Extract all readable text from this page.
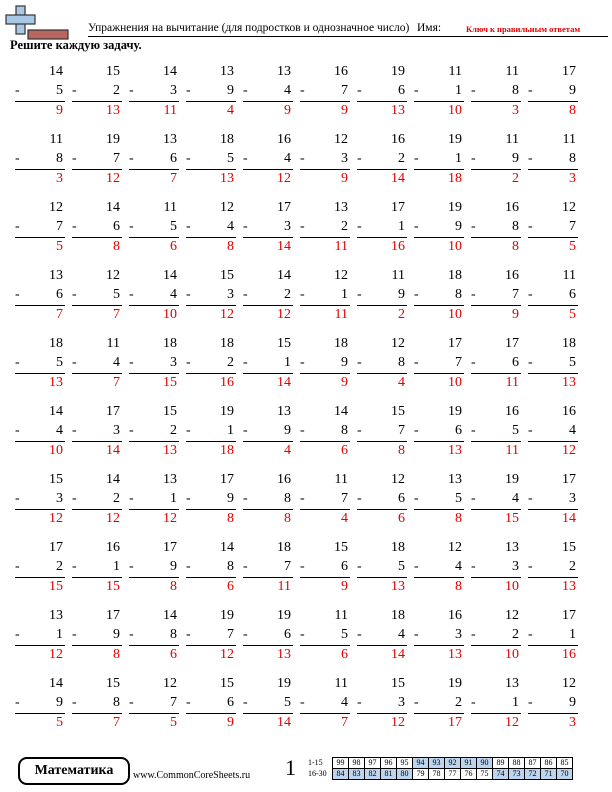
Упражнения на вычитание (для подростков и однозначное число) Имя:	Ключ к правильным ответам
Решите каждую задачу.
14
-	5
9
15
-	2
13
14
-	3
11
13
-	9
4
13
-	4
9
16
-	7
9
19
-	6
13
11
-	1
10
11
-	8
3
17
-	9
8
11
-	8
3
19
-	7
12
13
-	6
7
18
-	5
13
16
-	4
12
12
-	3
9
16
-	2
14
19
-	1
18
11
-	9
2
11
-	8
3
12
-	7
5
14
-	6
8
11
-	5
6
12
-	4
8
17
-	3
14
13
-	2
11
17
-	1
16
19
-	9
10
16
-	8
8
12
-	7
5
13
-	6
7
12
-	5
7
14
-	4
10
15
-	3
12
14
-	2
12
12
-	1
11
11
-	9
2
18
-	8
10
16
-	7
9
11
-	6
5
18
-	5
13
11
-	4
7
18
-	3
15
18
-	2
16
15
-	1
14
18
-	9
9
12
-	8
4
17
-	7
10
17
-	6
11
18
-	5
13
14
-	4
10
17
-	3
14
15
-	2
13
19
-	1
18
13
-	9
4
14
-	8
6
15
-	7
8
19
-	6
13
16
-	5
11
16
-	4
12
15
-	3
12
14
-	2
12
13
-	1
12
17
-	9
8
16
-	8
8
11
-	7
4
12
-	6
6
13
-	5
8
19
-	4
15
17
-	3
14
17
-	2
15
16
-	1
15
17
-	9
8
14
-	8
6
18
-	7
11
15
-	6
9
18
-	5
13
12
-	4
8
13
-	3
10
15
-	2
13
13
-	1
12
17
-	9
8
14
-	8
6
19
-	7
12
19
-	6
13
11
-	5
6
18
-	4
14
16
-	3
13
12
-	2
10
17
-	1
16
14
-	9
5
15
-	8
7
12
-	7
5
15
-	6
9
19
-	5
14
11
-	4
7
15
-	3
12
19
-	2
17
13
-	1
12
12
-	9
3
Математика	www.CommonCoreSheets.ru 1 1-15	99	98	97	96	95	94	93	92	91	90	89	88	87	86	85
16-30	84	83	82	81	80	79	78	77	76	75	74	73	72	71	70
